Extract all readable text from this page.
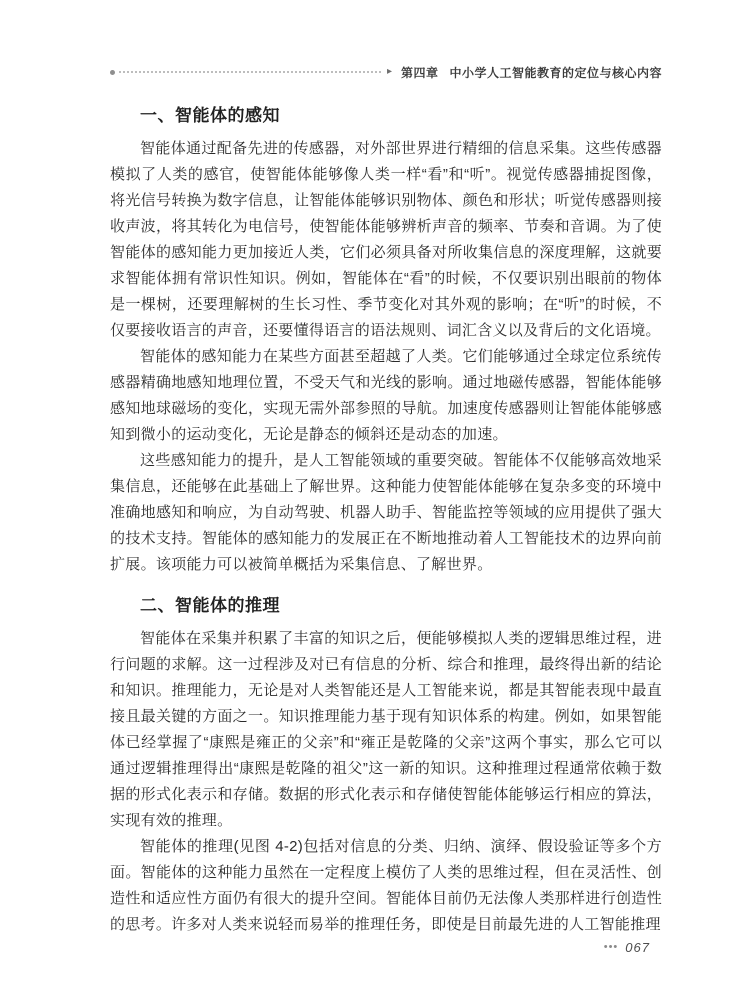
▸ 第四章 中小学人工智能教育的定位与核心内容
一、智能体的感知

智能体通过配备先进的传感器，对外部世界进行精细的信息采集。这些传感器模拟了人类的感官，使智能体能够像人类一样“看”和“听”。视觉传感器捕捉图像，将光信号转换为数字信息，让智能体能够识别物体、颜色和形状；听觉传感器则接收声波，将其转化为电信号，使智能体能够辨析声音的频率、节奏和音调。为了使智能体的感知能力更加接近人类，它们必须具备对所收集信息的深度理解，这就要求智能体拥有常识性知识。例如，智能体在“看”的时候，不仅要识别出眼前的物体是一棵树，还要理解树的生长习性、季节变化对其外观的影响；在“听”的时候，不仅要接收语言的声音，还要懂得语言的语法规则、词汇含义以及背后的文化语境。

智能体的感知能力在某些方面甚至超越了人类。它们能够通过全球定位系统传感器精确地感知地理位置，不受天气和光线的影响。通过地磁传感器，智能体能够感知地球磁场的变化，实现无需外部参照的导航。加速度传感器则让智能体能够感知到微小的运动变化，无论是静态的倾斜还是动态的加速。

这些感知能力的提升，是人工智能领域的重要突破。智能体不仅能够高效地采集信息，还能够在此基础上了解世界。这种能力使智能体能够在复杂多变的环境中准确地感知和响应，为自动驾驶、机器人助手、智能监控等领域的应用提供了强大的技术支持。智能体的感知能力的发展正在不断地推动着人工智能技术的边界向前扩展。该项能力可以被简单概括为采集信息、了解世界。

二、智能体的推理

智能体在采集并积累了丰富的知识之后，便能够模拟人类的逻辑思维过程，进行问题的求解。这一过程涉及对已有信息的分析、综合和推理，最终得出新的结论和知识。推理能力，无论是对人类智能还是人工智能来说，都是其智能表现中最直接且最关键的方面之一。知识推理能力基于现有知识体系的构建。例如，如果智能体已经掌握了“康熙是雍正的父亲”和“雍正是乾隆的父亲”这两个事实，那么它可以通过逻辑推理得出“康熙是乾隆的祖父”这一新的知识。这种推理过程通常依赖于数据的形式化表示和存储。数据的形式化表示和存储使智能体能够运行相应的算法，实现有效的推理。

智能体的推理(见图 4-2)包括对信息的分类、归纳、演绎、假设验证等多个方面。智能体的这种能力虽然在一定程度上模仿了人类的思维过程，但在灵活性、创造性和适应性方面仍有很大的提升空间。智能体目前仍无法像人类那样进行创造性的思考。许多对人类来说轻而易举的推理任务，即使是目前最先进的人工智能推理

••• 067
